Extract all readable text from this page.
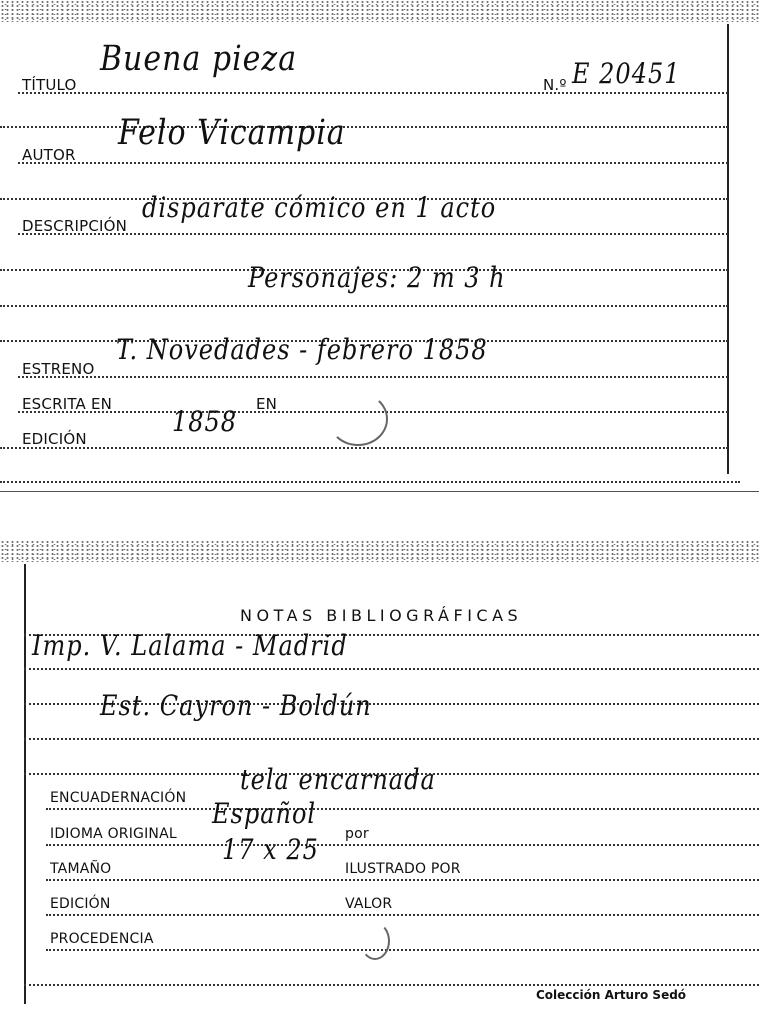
TÍTULO
Buena pieza
N.º E 20451
AUTOR
Felo Vicampia
DESCRIPCIÓN
disparate cómico en 1 acto
Personajes: 2 m 3 h
ESTRENO
T. Novedades - febrero 1858
ESCRITA EN	EN
EDICIÓN
1858
NOTAS BIBLIOGRÁFICAS
Imp. V. Lalama - Madrid
Est. Cayron - Boldún
ENCUADERNACIÓN
tela encarnada
IDIOMA ORIGINAL
Español
por
TAMAÑO
17 x 25
ILUSTRADO POR
EDICIÓN	VALOR
PROCEDENCIA
Colección Arturo Sedó
